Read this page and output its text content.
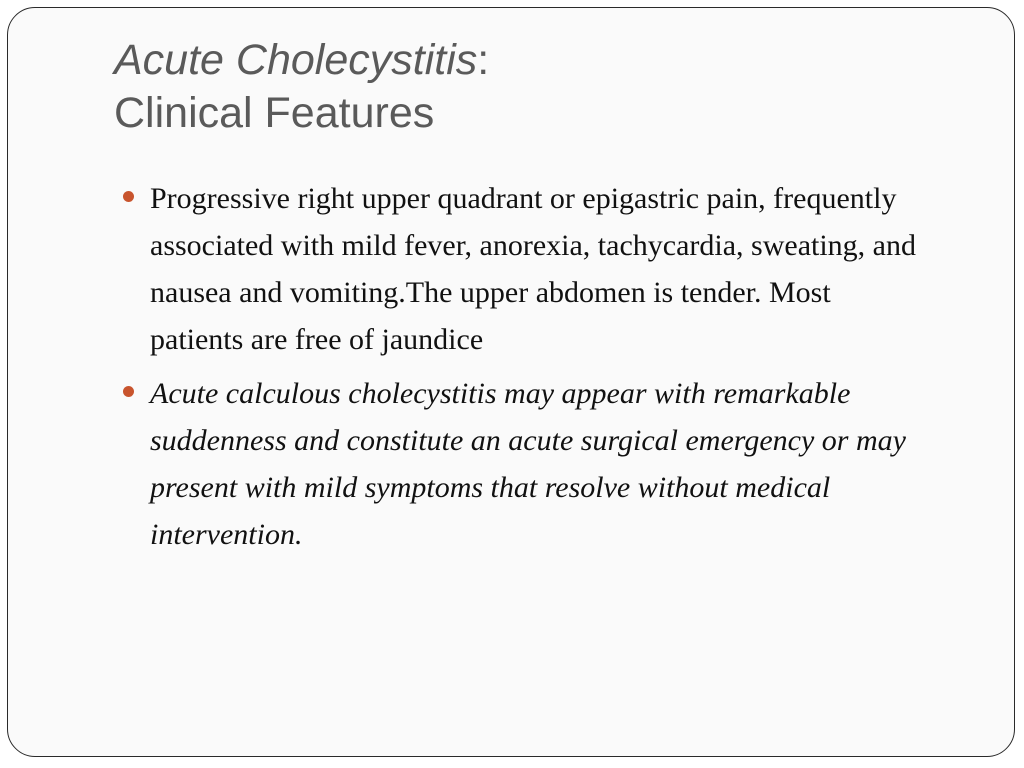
Acute Cholecystitis:
Clinical Features
Progressive right upper quadrant or epigastric pain, frequently associated with mild fever, anorexia, tachycardia, sweating, and nausea and vomiting.The upper abdomen is tender. Most patients are free of jaundice
Acute calculous cholecystitis may appear with remarkable suddenness and constitute an acute surgical emergency or may present with mild symptoms that resolve without medical intervention.
